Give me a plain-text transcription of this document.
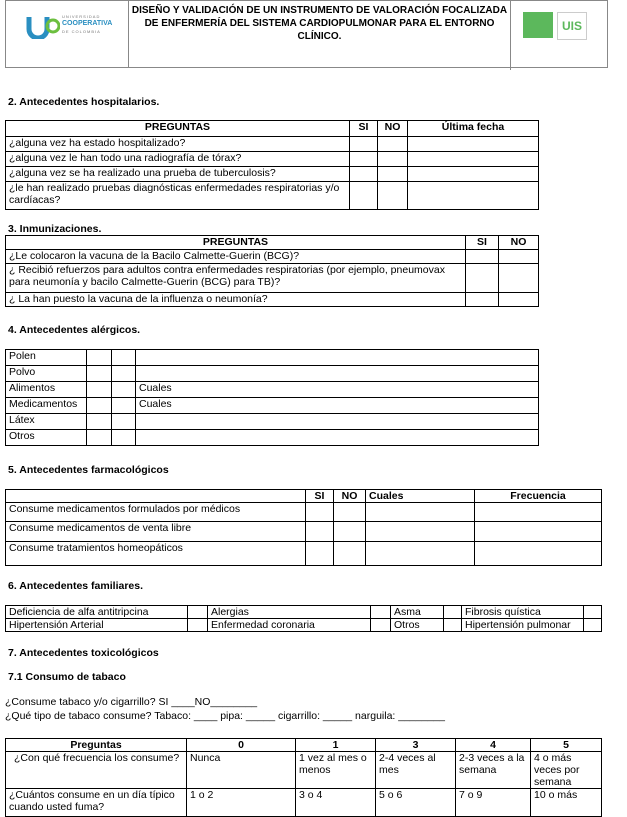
UNIVERSIDAD
COOPERATIVA
DE COLOMBIA
DISEÑO Y VALIDACIÓN DE UN INSTRUMENTO DE VALORACIÓN FOCALIZADA DE ENFERMERÍA DEL SISTEMA CARDIOPULMONAR PARA EL ENTORNO CLÍNICO.
UIS
2. Antecedentes hospitalarios.
PREGUNTAS	SI	NO	Última fecha
¿alguna vez ha estado hospitalizado?			
¿alguna vez le han todo una radiografía de tórax?			
¿alguna vez se ha realizado una prueba de tuberculosis?			
¿le han realizado pruebas diagnósticas enfermedades respiratorias y/o cardíacas?			
3. Inmunizaciones.
PREGUNTAS	SI	NO
¿Le colocaron la vacuna de la Bacilo Calmette-Guerin (BCG)?		
¿ Recibió refuerzos para adultos contra enfermedades respiratorias (por ejemplo, pneumovax para neumonía y bacilo Calmette-Guerin (BCG) para TB)?		
¿ La han puesto la vacuna de la influenza o neumonía?		
4. Antecedentes alérgicos.
Polen			
Polvo			
Alimentos			Cuales
Medicamentos			Cuales
Látex			
Otros			
5. Antecedentes farmacológicos
	SI	NO	Cuales	Frecuencia
Consume medicamentos formulados por médicos				
Consume medicamentos de venta libre				
Consume tratamientos homeopáticos				
6. Antecedentes familiares.
Deficiencia de alfa antitripcina		Alergias		Asma		Fibrosis quística	
Hipertensión Arterial		Enfermedad coronaria		Otros		Hipertensión pulmonar	
7. Antecedentes toxicológicos
7.1 Consumo de tabaco
¿Consume tabaco y/o cigarrillo? SI ____NO________
¿Qué tipo de tabaco consume? Tabaco: ____ pipa: _____ cigarrillo: _____ narguila: ________
Preguntas	0	1	3	4	5
¿Con qué frecuencia los consume?	Nunca	1 vez al mes o menos	2-4 veces al mes	2-3 veces a la semana	4 o más veces por semana
¿Cuántos consume en un día típico cuando usted fuma?	1 o 2	3 o 4	5 o 6	7 o 9	10 o más
